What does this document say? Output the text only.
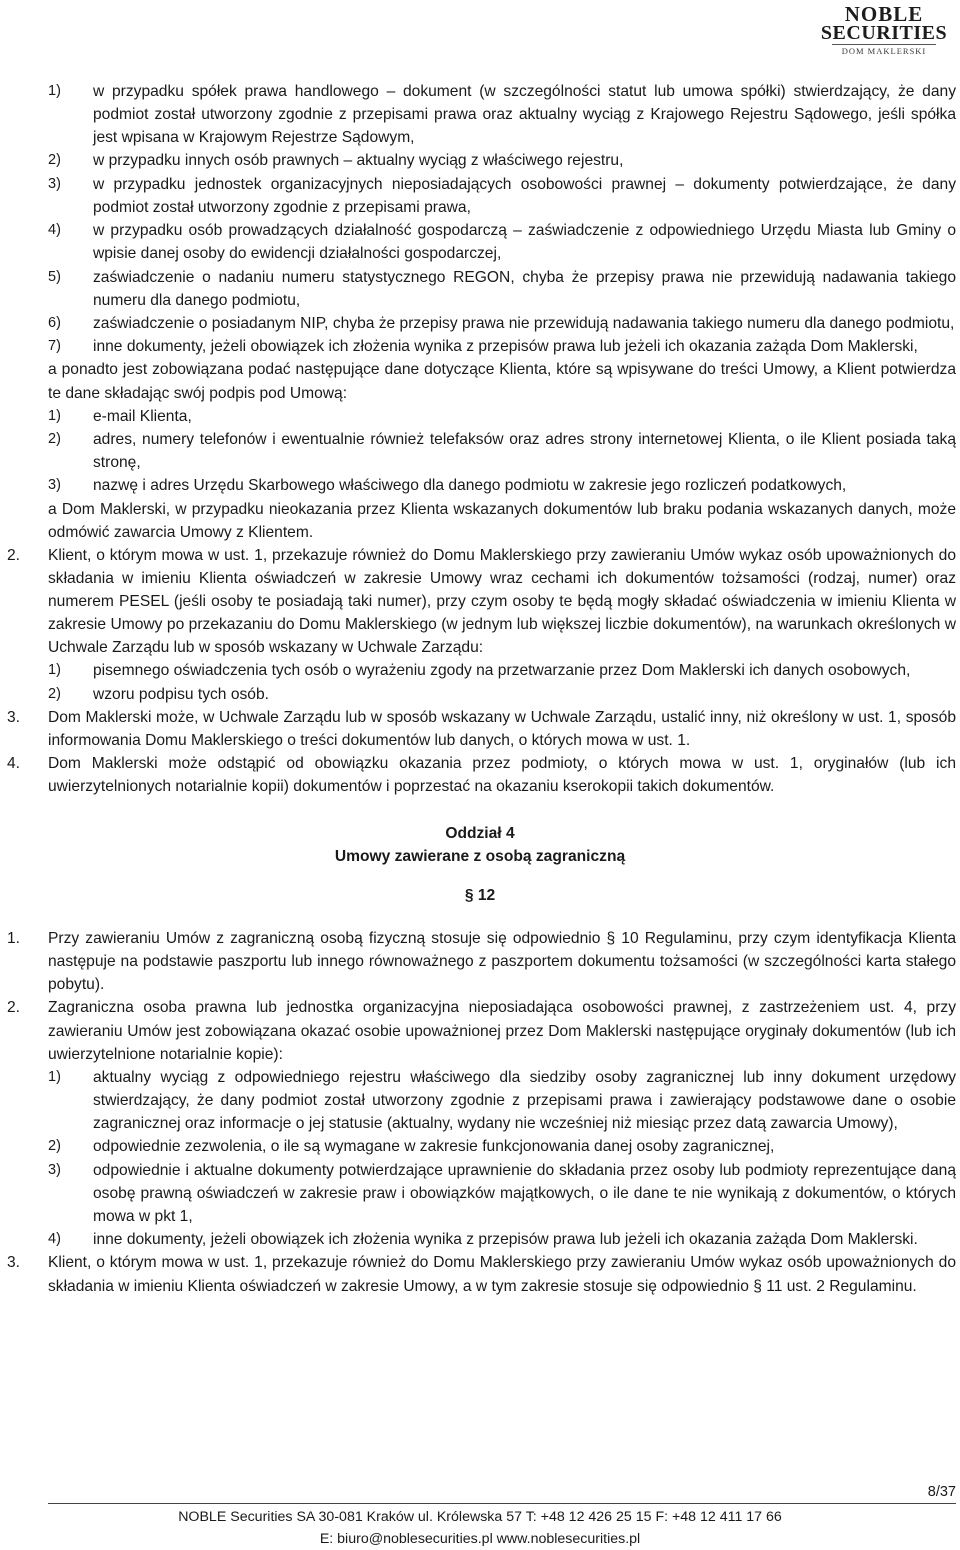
NOBLE
SECURITIES
DOM MAKLERSKI
1) w przypadku spółek prawa handlowego – dokument (w szczególności statut lub umowa spółki) stwierdzający, że dany podmiot został utworzony zgodnie z przepisami prawa oraz aktualny wyciąg z Krajowego Rejestru Sądowego, jeśli spółka jest wpisana w Krajowym Rejestrze Sądowym,
2) w przypadku innych osób prawnych – aktualny wyciąg z właściwego rejestru,
3) w przypadku jednostek organizacyjnych nieposiadających osobowości prawnej – dokumenty potwierdzające, że dany podmiot został utworzony zgodnie z przepisami prawa,
4) w przypadku osób prowadzących działalność gospodarczą – zaświadczenie z odpowiedniego Urzędu Miasta lub Gminy o wpisie danej osoby do ewidencji działalności gospodarczej,
5) zaświadczenie o nadaniu numeru statystycznego REGON, chyba że przepisy prawa nie przewidują nadawania takiego numeru dla danego podmiotu,
6) zaświadczenie o posiadanym NIP, chyba że przepisy prawa nie przewidują nadawania takiego numeru dla danego podmiotu,
7) inne dokumenty, jeżeli obowiązek ich złożenia wynika z przepisów prawa lub jeżeli ich okazania zażąda Dom Maklerski,
a ponadto jest zobowiązana podać następujące dane dotyczące Klienta, które są wpisywane do treści Umowy, a Klient potwierdza te dane składając swój podpis pod Umową:
1) e-mail Klienta,
2) adres, numery telefonów i ewentualnie również telefaksów oraz adres strony internetowej Klienta, o ile Klient posiada taką stronę,
3) nazwę i adres Urzędu Skarbowego właściwego dla danego podmiotu w zakresie jego rozliczeń podatkowych,
a Dom Maklerski, w przypadku nieokazania przez Klienta wskazanych dokumentów lub braku podania wskazanych danych, może odmówić zawarcia Umowy z Klientem.
2. Klient, o którym mowa w ust. 1, przekazuje również do Domu Maklerskiego przy zawieraniu Umów wykaz osób upoważnionych do składania w imieniu Klienta oświadczeń w zakresie Umowy wraz cechami ich dokumentów tożsamości (rodzaj, numer) oraz numerem PESEL (jeśli osoby te posiadają taki numer), przy czym osoby te będą mogły składać oświadczenia w imieniu Klienta w zakresie Umowy po przekazaniu do Domu Maklerskiego (w jednym lub większej liczbie dokumentów), na warunkach określonych w Uchwale Zarządu lub w sposób wskazany w Uchwale Zarządu:
1) pisemnego oświadczenia tych osób o wyrażeniu zgody na przetwarzanie przez Dom Maklerski ich danych osobowych,
2) wzoru podpisu tych osób.
3. Dom Maklerski może, w Uchwale Zarządu lub w sposób wskazany w Uchwale Zarządu, ustalić inny, niż określony w ust. 1, sposób informowania Domu Maklerskiego o treści dokumentów lub danych, o których mowa w ust. 1.
4. Dom Maklerski może odstąpić od obowiązku okazania przez podmioty, o których mowa w ust. 1, oryginałów (lub ich uwierzytelnionych notarialnie kopii) dokumentów i poprzestać na okazaniu kserokopii takich dokumentów.
Oddział 4
Umowy zawierane z osobą zagraniczną
§ 12
1. Przy zawieraniu Umów z zagraniczną osobą fizyczną stosuje się odpowiednio § 10 Regulaminu, przy czym identyfikacja Klienta następuje na podstawie paszportu lub innego równoważnego z paszportem dokumentu tożsamości (w szczególności karta stałego pobytu).
2. Zagraniczna osoba prawna lub jednostka organizacyjna nieposiadająca osobowości prawnej, z zastrzeżeniem ust. 4, przy zawieraniu Umów jest zobowiązana okazać osobie upoważnionej przez Dom Maklerski następujące oryginały dokumentów (lub ich uwierzytelnione notarialnie kopie):
1) aktualny wyciąg z odpowiedniego rejestru właściwego dla siedziby osoby zagranicznej lub inny dokument urzędowy stwierdzający, że dany podmiot został utworzony zgodnie z przepisami prawa i zawierający podstawowe dane o osobie zagranicznej oraz informacje o jej statusie (aktualny, wydany nie wcześniej niż miesiąc przez datą zawarcia Umowy),
2) odpowiednie zezwolenia, o ile są wymagane w zakresie funkcjonowania danej osoby zagranicznej,
3) odpowiednie i aktualne dokumenty potwierdzające uprawnienie do składania przez osoby lub podmioty reprezentujące daną osobę prawną oświadczeń w zakresie praw i obowiązków majątkowych, o ile dane te nie wynikają z dokumentów, o których mowa w pkt 1,
4) inne dokumenty, jeżeli obowiązek ich złożenia wynika z przepisów prawa lub jeżeli ich okazania zażąda Dom Maklerski.
3. Klient, o którym mowa w ust. 1, przekazuje również do Domu Maklerskiego przy zawieraniu Umów wykaz osób upoważnionych do składania w imieniu Klienta oświadczeń w zakresie Umowy, a w tym zakresie stosuje się odpowiednio § 11 ust. 2 Regulaminu.
8/37
NOBLE Securities SA 30-081 Kraków ul. Królewska 57 T: +48 12 426 25 15 F: +48 12 411 17 66
E: biuro@noblesecurities.pl www.noblesecurities.pl
